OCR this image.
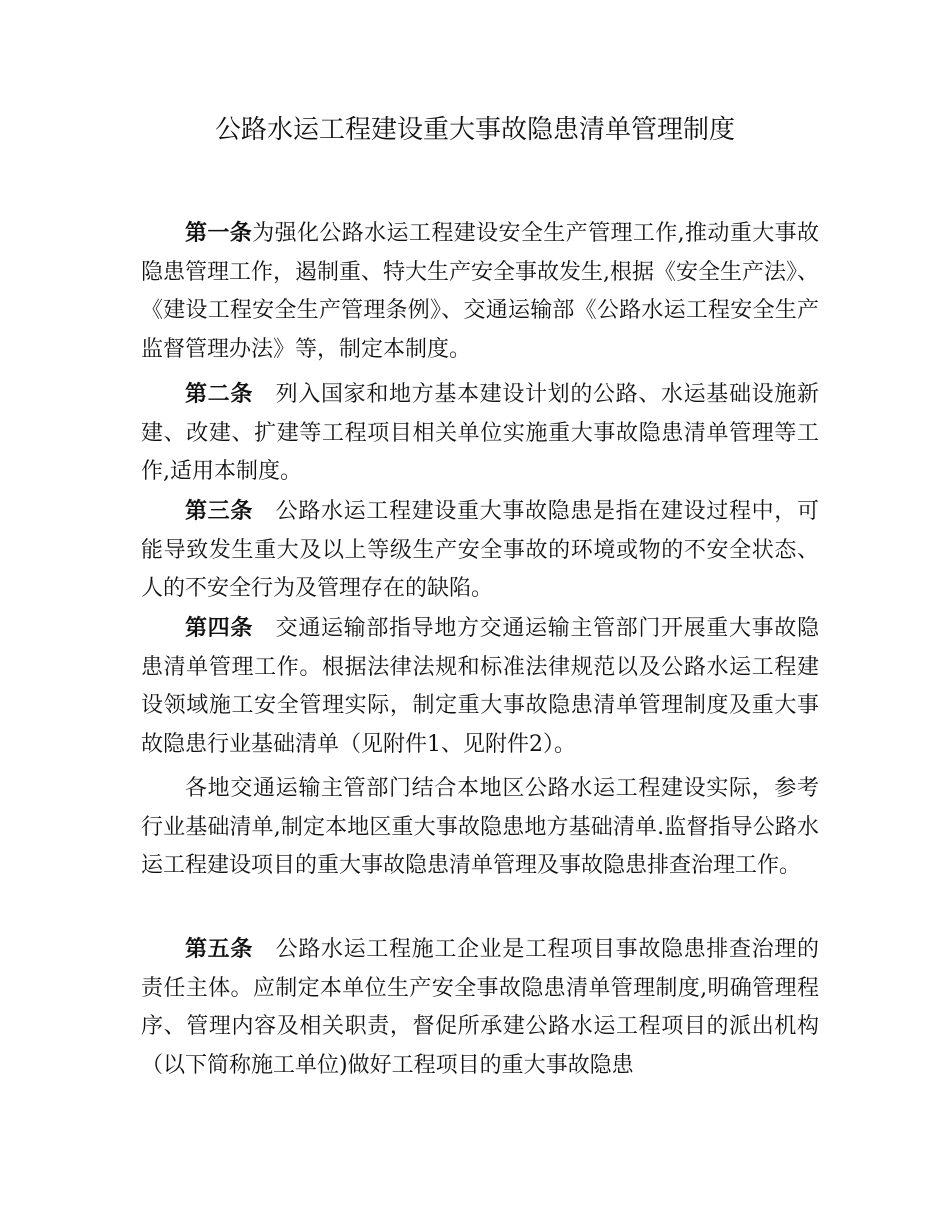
公路水运工程建设重大事故隐患清单管理制度

第一条为强化公路水运工程建设安全生产管理工作,推动重大事故隐患管理工作，遏制重、特大生产安全事故发生,根据《安全生产法》、《建设工程安全生产管理条例》、交通运输部《公路水运工程安全生产监督管理办法》等，制定本制度。

第二条　列入国家和地方基本建设计划的公路、水运基础设施新建、改建、扩建等工程项目相关单位实施重大事故隐患清单管理等工作,适用本制度。

第三条　公路水运工程建设重大事故隐患是指在建设过程中，可能导致发生重大及以上等级生产安全事故的环境或物的不安全状态、人的不安全行为及管理存在的缺陷。

第四条　交通运输部指导地方交通运输主管部门开展重大事故隐患清单管理工作。根据法律法规和标准法律规范以及公路水运工程建设领域施工安全管理实际，制定重大事故隐患清单管理制度及重大事故隐患行业基础清单（见附件1、见附件2）。

各地交通运输主管部门结合本地区公路水运工程建设实际，参考行业基础清单,制定本地区重大事故隐患地方基础清单.监督指导公路水运工程建设项目的重大事故隐患清单管理及事故隐患排查治理工作。

第五条　公路水运工程施工企业是工程项目事故隐患排查治理的责任主体。应制定本单位生产安全事故隐患清单管理制度,明确管理程序、管理内容及相关职责，督促所承建公路水运工程项目的派出机构（以下简称施工单位)做好工程项目的重大事故隐患
